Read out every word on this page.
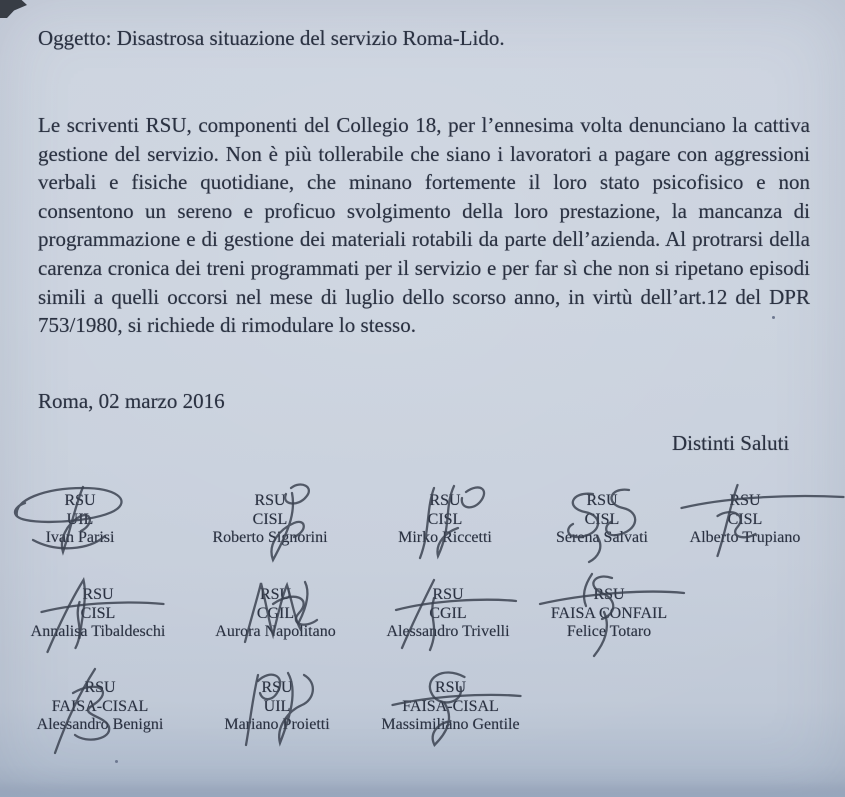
Oggetto: Disastrosa situazione del servizio Roma-Lido.
Le scriventi RSU, componenti del Collegio 18, per l’ennesima volta denunciano la cattiva gestione del servizio. Non è più tollerabile che siano i lavoratori a pagare con aggressioni verbali e fisiche quotidiane, che minano fortemente il loro stato psicofisico e non consentono un sereno e proficuo svolgimento della loro prestazione, la mancanza di programmazione e di gestione dei materiali rotabili da parte dell’azienda. Al protrarsi della carenza cronica dei treni programmati per il servizio e per far sì che non si ripetano episodi simili a quelli occorsi nel mese di luglio dello scorso anno, in virtù dell’art.12 del DPR 753/1980, si richiede di rimodulare lo stesso.
Roma, 02 marzo 2016
Distinti Saluti
RSU
UIL
Ivan Parisi
RSU
CISL
Roberto Signorini
RSU
CISL
Mirko Riccetti
RSU
CISL
Serena Salvati
RSU
CISL
Alberto Trupiano
RSU
CISL
Annalisa Tibaldeschi
RSU
CGIL
Aurora Napolitano
RSU
CGIL
Alessandro Trivelli
RSU
FAISA CONFAIL
Felice Totaro
RSU
FAISA-CISAL
Alessandro Benigni
RSU
UIL
Mariano Proietti
RSU
FAISA-CISAL
Massimiliano Gentile
